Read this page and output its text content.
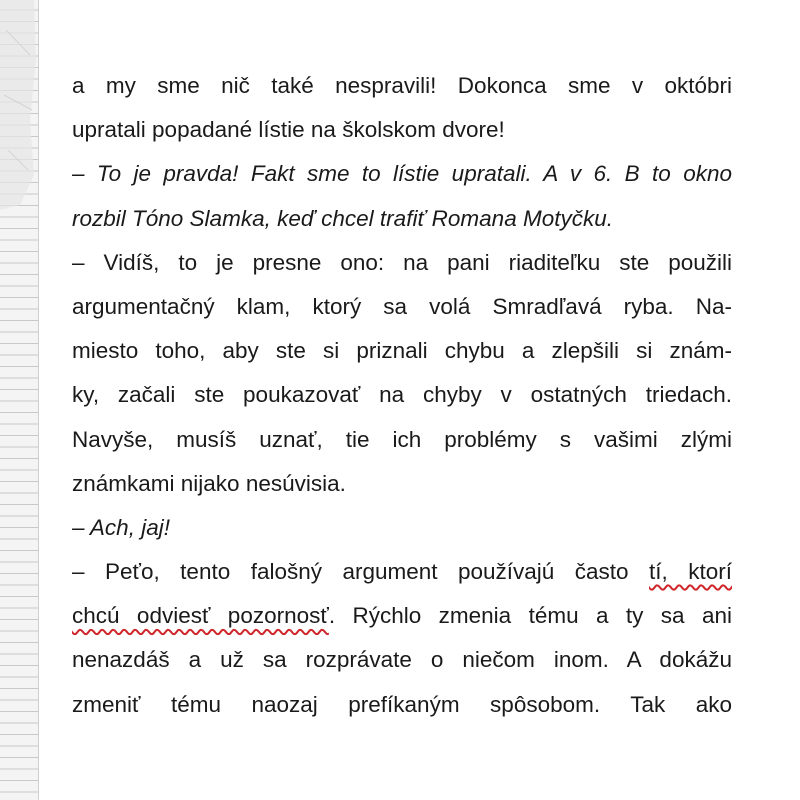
a my sme nič také nespravili! Dokonca sme v októbri
upratali popadané lístie na školskom dvore!
– To je pravda! Fakt sme to lístie upratali. A v 6. B to okno
rozbil Tóno Slamka, keď chcel trafiť Romana Motyčku.
– Vidíš, to je presne ono: na pani riaditeľku ste použili
argumentačný klam, ktorý sa volá Smradľavá ryba. Na-
miesto toho, aby ste si priznali chybu a zlepšili si znám-
ky, začali ste poukazovať na chyby v ostatných triedach.
Navyše, musíš uznať, tie ich problémy s vašimi zlými
známkami nijako nesúvisia.
– Ach, jaj!
– Peťo, tento falošný argument používajú často tí, ktorí
chcú odviesť pozornosť. Rýchlo zmenia tému a ty sa ani
nenazdáš a už sa rozprávate o niečom inom. A dokážu
zmeniť tému naozaj prefíkaným spôsobom. Tak ako
